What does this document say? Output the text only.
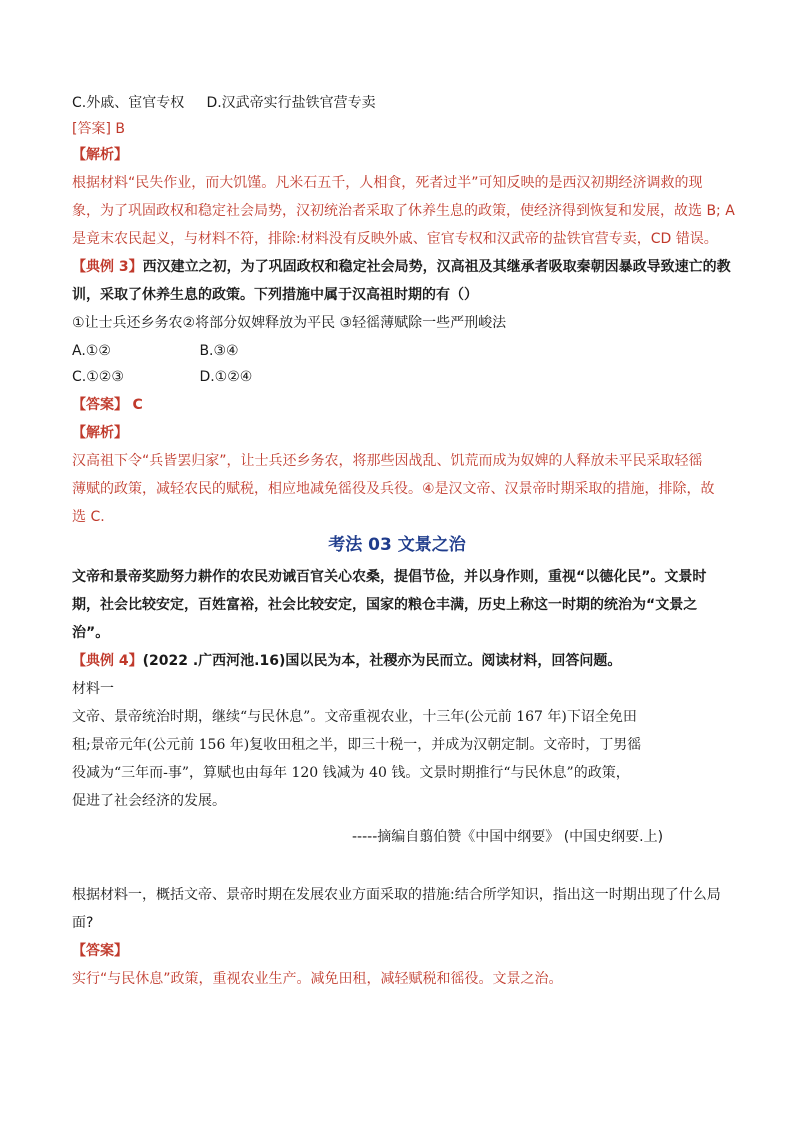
C.外戚、宦官专权 D.汉武帝实行盐铁官营专卖
[答案] B
【解析】
根据材料“民失作业，而大饥馑。凡米石五千，人相食，死者过半”可知反映的是西汉初期经济调救的现
象，为了巩固政权和稳定社会局势，汉初统治者采取了休养生息的政策，使经济得到恢复和发展，故选 B; A
是竟末农民起义，与材料不符，排除:材料没有反映外戚、宦官专权和汉武帝的盐铁官营专卖，CD 错误。
【典例 3】西汉建立之初，为了巩固政权和稳定社会局势，汉高祖及其继承者吸取秦朝因暴政导致速亡的教
训，采取了休养生息的政策。下列措施中属于汉高祖时期的有（）
①让士兵还乡务农②将部分奴婢释放为平民 ③轻徭薄赋除一些严刑峻法
A.①②	B.③④
C.①②③	D.①②④
【答案】 C
【解析】
汉高祖下令“兵皆罢归家”，让士兵还乡务农，将那些因战乱、饥荒而成为奴婢的人释放未平民采取轻徭
薄赋的政策，减轻农民的赋税，相应地减免徭役及兵役。④是汉文帝、汉景帝时期采取的措施，排除，故
选 C.
考法 03 文景之治
文帝和景帝奖励努力耕作的农民劝诫百官关心农桑，提倡节俭，并以身作则，重视“以德化民”。文景时
期，社会比较安定，百姓富裕，社会比较安定，国家的粮仓丰满，历史上称这一时期的统治为“文景之
治”。
【典例 4】(2022 .广西河池.16)国以民为本，社稷亦为民而立。阅读材料，回答问题。
材料一
文帝、景帝统治时期，继续“与民休息”。文帝重视农业，十三年(公元前 167 年)下诏全免田
租;景帝元年(公元前 156 年)复收田租之半，即三十税一，并成为汉朝定制。文帝时，丁男徭
役减为“三年而-事”，算赋也由每年 120 钱减为 40 钱。文景时期推行“与民休息”的政策，
促进了社会经济的发展。
-----摘编自翦伯赞《中国中纲要》 (中国史纲要.上)
根据材料一，概括文帝、景帝时期在发展农业方面采取的措施:结合所学知识，指出这一时期出现了什么局
面?
【答案】
实行“与民休息”政策，重视农业生产。减免田租，减轻赋税和徭役。文景之治。
